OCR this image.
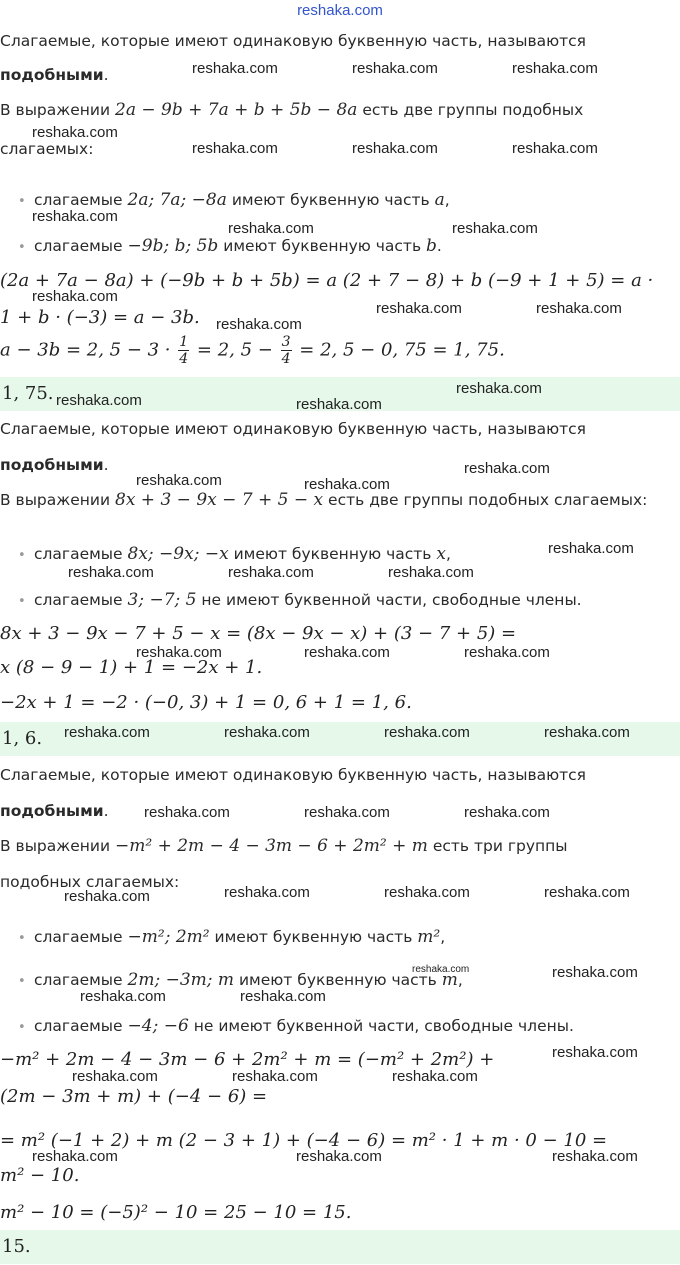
reshaka.com
Слагаемые, которые имеют одинаковую буквенную часть, называются
подобными.
В выражении 2a − 9b + 7a + b + 5b − 8a есть две группы подобных
слагаемых:
• слагаемые 2a; 7a; −8a имеют буквенную часть a,
• слагаемые −9b; b; 5b имеют буквенную часть b.
(2a + 7a − 8a) + (−9b + b + 5b) = a (2 + 7 − 8) + b (−9 + 1 + 5) = a ·
1 + b · (−3) = a − 3b.
a − 3b = 2, $5 - 3 \cdot \frac{1}{4} = 2$, $5 - \frac{3}{4} = 2$, 5 − 0, 75 = 1, 75.
1, 75.
Слагаемые, которые имеют одинаковую буквенную часть, называются
подобными.
В выражении 8x + 3 − 9x − 7 + 5 − x есть две группы подобных слагаемых:
• слагаемые 8x; −9x; −x имеют буквенную часть x,
• слагаемые 3; −7; 5 не имеют буквенной части, свободные члены.
8x + 3 − 9x − 7 + 5 − x = (8x − 9x − x) + (3 − 7 + 5) =
x (8 − 9 − 1) + 1 = −2x + 1.
−2x + 1 = −2 · (−0, 3) + 1 = 0, 6 + 1 = 1, 6.
1, 6.
Слагаемые, которые имеют одинаковую буквенную часть, называются
подобными.
В выражении −m² + 2m − 4 − 3m − 6 + 2m² + m есть три группы
подобных слагаемых:
• слагаемые −m²; 2m² имеют буквенную часть m²,
• слагаемые 2m; −3m; m имеют буквенную часть m,
• слагаемые −4; −6 не имеют буквенной части, свободные члены.
−m² + 2m − 4 − 3m − 6 + 2m² + m = (−m² + 2m²) +
(2m − 3m + m) + (−4 − 6) =
= m² (−1 + 2) + m (2 − 3 + 1) + (−4 − 6) = m² · 1 + m · 0 − 10 =
m² − 10.
m² − 10 = (−5)² − 10 = 25 − 10 = 15.
15.
reshaka.com	reshaka.com	reshaka.com
reshaka.com
reshaka.com	reshaka.com	reshaka.com
reshaka.com
reshaka.com	reshaka.com
reshaka.com
reshaka.com	reshaka.com
reshaka.com
reshaka.com
reshaka.com	reshaka.com
reshaka.com
reshaka.com	reshaka.com
reshaka.com
reshaka.com	reshaka.com	reshaka.com
reshaka.com	reshaka.com	reshaka.com
reshaka.com	reshaka.com	reshaka.com	reshaka.com
reshaka.com	reshaka.com	reshaka.com
reshaka.com	reshaka.com	reshaka.com	reshaka.com
reshaka.com	reshaka.com
reshaka.com	reshaka.com
reshaka.com
reshaka.com	reshaka.com	reshaka.com
reshaka.com	reshaka.com	reshaka.com
